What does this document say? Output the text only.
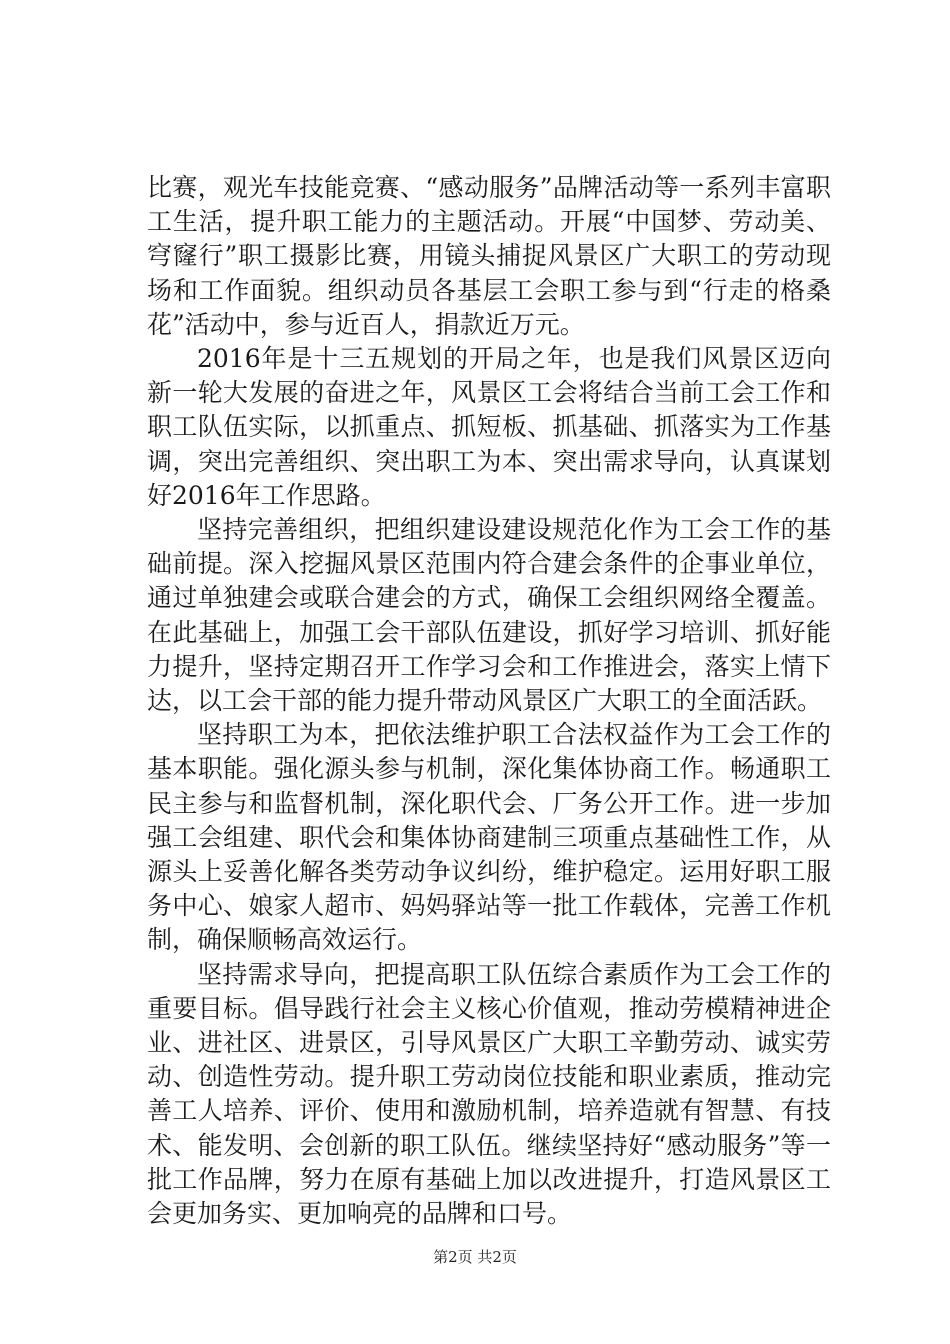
比赛，观光车技能竞赛、“感动服务”品牌活动等一系列丰富职工生活，提升职工能力的主题活动。开展“中国梦、劳动美、穹窿行”职工摄影比赛，用镜头捕捉风景区广大职工的劳动现场和工作面貌。组织动员各基层工会职工参与到“行走的格桑花”活动中，参与近百人，捐款近万元。

2016年是十三五规划的开局之年，也是我们风景区迈向新一轮大发展的奋进之年，风景区工会将结合当前工会工作和职工队伍实际，以抓重点、抓短板、抓基础、抓落实为工作基调，突出完善组织、突出职工为本、突出需求导向，认真谋划好2016年工作思路。

坚持完善组织，把组织建设建设规范化作为工会工作的基础前提。深入挖掘风景区范围内符合建会条件的企事业单位，通过单独建会或联合建会的方式，确保工会组织网络全覆盖。在此基础上，加强工会干部队伍建设，抓好学习培训、抓好能力提升，坚持定期召开工作学习会和工作推进会，落实上情下达，以工会干部的能力提升带动风景区广大职工的全面活跃。

坚持职工为本，把依法维护职工合法权益作为工会工作的基本职能。强化源头参与机制，深化集体协商工作。畅通职工民主参与和监督机制，深化职代会、厂务公开工作。进一步加强工会组建、职代会和集体协商建制三项重点基础性工作，从源头上妥善化解各类劳动争议纠纷，维护稳定。运用好职工服务中心、娘家人超市、妈妈驿站等一批工作载体，完善工作机制，确保顺畅高效运行。

坚持需求导向，把提高职工队伍综合素质作为工会工作的重要目标。倡导践行社会主义核心价值观，推动劳模精神进企业、进社区、进景区，引导风景区广大职工辛勤劳动、诚实劳动、创造性劳动。提升职工劳动岗位技能和职业素质，推动完善工人培养、评价、使用和激励机制，培养造就有智慧、有技术、能发明、会创新的职工队伍。继续坚持好“感动服务”等一批工作品牌，努力在原有基础上加以改进提升，打造风景区工会更加务实、更加响亮的品牌和口号。

第2页 共2页
